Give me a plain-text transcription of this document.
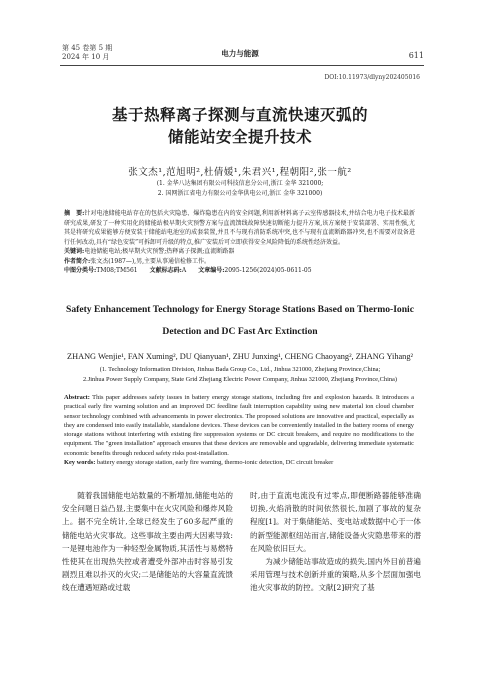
第 45 卷第 5 期
2024 年 10 月	电力与能源	611
DOI:10.11973/dlyny202405016
基于热释离子探测与直流快速灭弧的
储能站安全提升技术
张文杰¹,范旭明²,杜倩媛¹,朱君兴¹,程朝阳²,张一航²
(1. 金华八达集团有限公司科技信息分公司,浙江 金华 321000;
2. 国网浙江省电力有限公司金华供电公司,浙江 金华 321000)

摘　要:针对电池储能电站存在的包括火灾隐患、爆炸隐患在内的安全问题,利用新材料离子云室传感器技术,并结合电力电子技术最新研究成果,研发了一种实用化的储能站极早期火灾预警方案与直流馈线故障快速切断能力提升方案,该方案便于安装部署、实用性强,尤其是将研究成果能够方便安装于储能站电池室的成套装置,并且不与现有消防系统冲突,也不与现有直流断路器冲突,也不需要对设备进行任何改动,具有“绿色安装”可拆卸可升级的特点,推广安装后可立即获得安全风险降低的系统性经济效益。

关键词:电池储能电站;极早期火灾预警;热释离子探测;直流断路器

作者简介:张文杰(1987—),男,主要从事通信检修工作。

中图分类号:TM08;TM561   文献标志码:A   文章编号:2095-1256(2024)05-0611-05

Safety Enhancement Technology for Energy Storage Stations Based on Thermo-Ionic
Detection and DC Fast Arc Extinction
ZHANG Wenjie¹, FAN Xuming², DU Qianyuan¹, ZHU Junxing¹, CHENG Chaoyang², ZHANG Yihang²
(1. Technology Information Division, Jinhua Bada Group Co., Ltd., Jinhua 321000, Zhejiang Province,China;
2.Jinhua Power Supply Company, State Grid Zhejiang Electric Power Company, Jinhua 321000, Zhejiang Province,China)

Abstract: This paper addresses safety issues in battery energy storage stations, including fire and explosion hazards. It introduces a practical early fire warning solution and an improved DC feedline fault interruption capability using new material ion cloud chamber sensor technology combined with advancements in power electronics. The proposed solutions are innovative and practical, especially as they are condensed into easily installable, standalone devices. These devices can be conveniently installed in the battery rooms of energy storage stations without interfering with existing fire suppression systems or DC circuit breakers, and require no modifications to the equipment. The "green installation" approach ensures that these devices are removable and upgradable, delivering immediate systematic economic benefits through reduced safety risks post-installation.

Key words: battery energy storage station, early fire warning, thermo-ionic detection, DC circuit breaker

随着我国储能电站数量的不断增加,储能电站的安全问题日益凸显,主要集中在火灾风险和爆炸风险上。据不完全统计,全球已经发生了60多起严重的储能电站火灾事故。这些事故主要由两大因素导致:一是锂电池作为一种轻型金属物质,其活性与易燃特性使其在出现热失控或者遭受外部冲击时容易引发剧烈且难以扑灭的火灾;二是储能站的大容量直流馈线在遭遇短路或过载

时,由于直流电流没有过零点,即便断路器能够准确切换,火焰消散的时间依然很长,加剧了事故的复杂程度[1]。对于集储能站、变电站或数据中心于一体的新型能源枢纽站而言,储能设备火灾隐患带来的潜在风险依旧巨大。

为减少储能站事故造成的损失,国内外目前普遍采用管理与技术创新并重的策略,从多个层面加强电池火灾事故的防控。文献[2]研究了基
